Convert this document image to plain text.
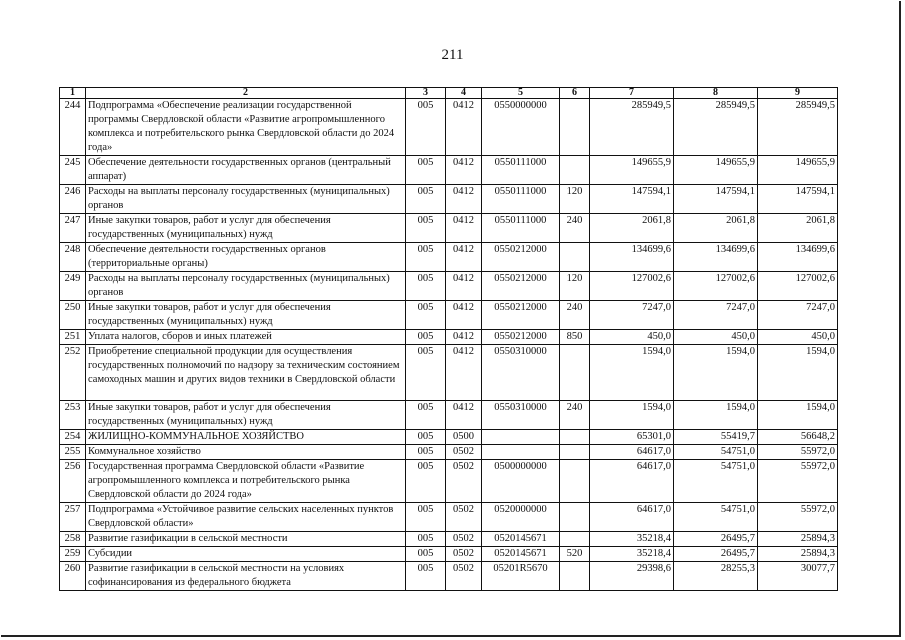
211
1	2	3	4	5	6	7	8	9
244	Подпрограмма «Обеспечение реализации государственной программы Свердловской области «Развитие агропромышленного комплекса и потребительского рынка Свердловской области до 2024 года»	005	0412	0550000000		285949,5	285949,5	285949,5
245	Обеспечение деятельности государственных органов (центральный аппарат)	005	0412	0550111000		149655,9	149655,9	149655,9
246	Расходы на выплаты персоналу государственных (муниципальных) органов	005	0412	0550111000	120	147594,1	147594,1	147594,1
247	Иные закупки товаров, работ и услуг для обеспечения государственных (муниципальных) нужд	005	0412	0550111000	240	2061,8	2061,8	2061,8
248	Обеспечение деятельности государственных органов (территориальные органы)	005	0412	0550212000		134699,6	134699,6	134699,6
249	Расходы на выплаты персоналу государственных (муниципальных) органов	005	0412	0550212000	120	127002,6	127002,6	127002,6
250	Иные закупки товаров, работ и услуг для обеспечения государственных (муниципальных) нужд	005	0412	0550212000	240	7247,0	7247,0	7247,0
251	Уплата налогов, сборов и иных платежей	005	0412	0550212000	850	450,0	450,0	450,0
252	Приобретение специальной продукции для осуществления государственных полномочий по надзору за техническим состоянием самоходных машин и других видов техники в Свердловской области	005	0412	0550310000		1594,0	1594,0	1594,0
253	Иные закупки товаров, работ и услуг для обеспечения государственных (муниципальных) нужд	005	0412	0550310000	240	1594,0	1594,0	1594,0
254	ЖИЛИЩНО-КОММУНАЛЬНОЕ ХОЗЯЙСТВО	005	0500			65301,0	55419,7	56648,2
255	Коммунальное хозяйство	005	0502			64617,0	54751,0	55972,0
256	Государственная программа Свердловской области «Развитие агропромышленного комплекса и потребительского рынка Свердловской области до 2024 года»	005	0502	0500000000		64617,0	54751,0	55972,0
257	Подпрограмма «Устойчивое развитие сельских населенных пунктов Свердловской области»	005	0502	0520000000		64617,0	54751,0	55972,0
258	Развитие газификации в сельской местности	005	0502	0520145671		35218,4	26495,7	25894,3
259	Субсидии	005	0502	0520145671	520	35218,4	26495,7	25894,3
260	Развитие газификации в сельской местности на условиях софинансирования из федерального бюджета	005	0502	05201R5670		29398,6	28255,3	30077,7
